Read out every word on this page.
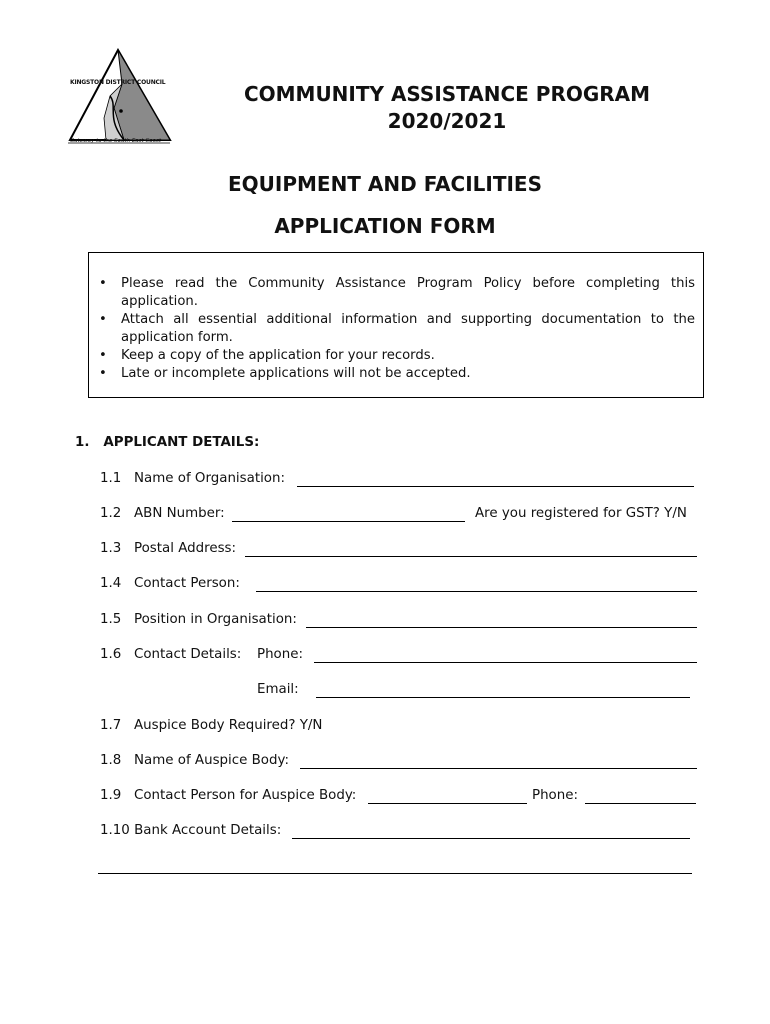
KINGSTON DISTRICT COUNCIL
Gateway to the South East Coast
COMMUNITY ASSISTANCE PROGRAM
2020/2021
EQUIPMENT AND FACILITIES
APPLICATION FORM
• Please read the Community Assistance Program Policy before completing this application.
• Attach all essential additional information and supporting documentation to the application form.
• Keep a copy of the application for your records.
• Late or incomplete applications will not be accepted.
1.   APPLICANT DETAILS:
1.1 Name of Organisation:
1.2 ABN Number:	Are you registered for GST? Y/N
1.3 Postal Address:
1.4 Contact Person:
1.5 Position in Organisation:
1.6 Contact Details: Phone:
Email:
1.7 Auspice Body Required? Y/N
1.8 Name of Auspice Body:
1.9 Contact Person for Auspice Body:	Phone:
1.10 Bank Account Details:
